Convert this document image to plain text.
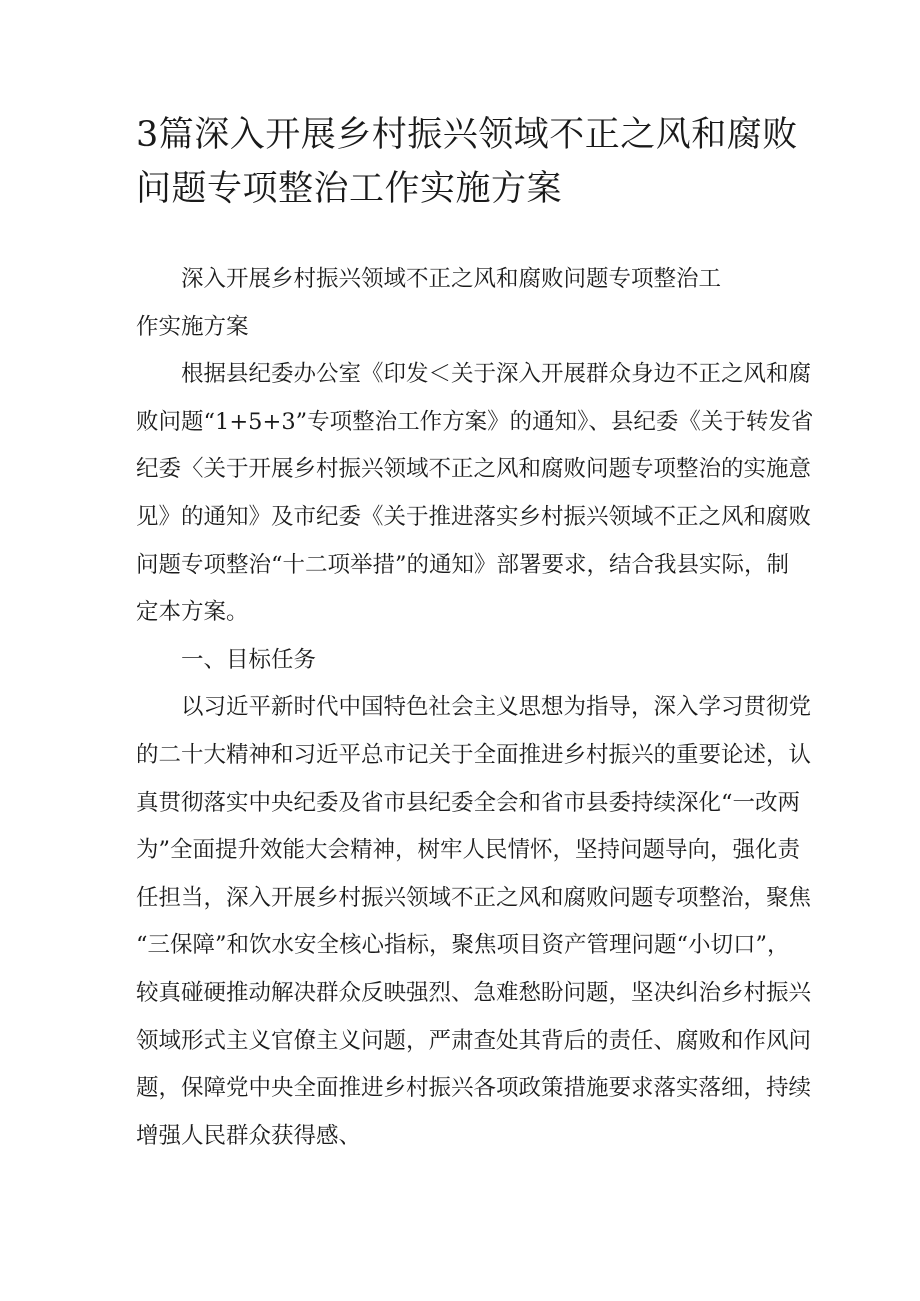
3篇深入开展乡村振兴领域不正之风和腐败
问题专项整治工作实施方案

深入开展乡村振兴领域不正之风和腐败问题专项整治工
作实施方案

根据县纪委办公室《印发＜关于深入开展群众身边不正之风和腐
败问题“1+5+3”专项整治工作方案》的通知》、县纪委《关于转发省
纪委〈关于开展乡村振兴领域不正之风和腐败问题专项整治的实施意
见》的通知》及市纪委《关于推进落实乡村振兴领域不正之风和腐败
问题专项整治“十二项举措”的通知》部署要求，结合我县实际，制
定本方案。

一、目标任务

以习近平新时代中国特色社会主义思想为指导，深入学习贯彻党
的二十大精神和习近平总市记关于全面推进乡村振兴的重要论述，认
真贯彻落实中央纪委及省市县纪委全会和省市县委持续深化“一改两
为”全面提升效能大会精神，树牢人民情怀，坚持问题导向，强化责
任担当，深入开展乡村振兴领域不正之风和腐败问题专项整治，聚焦
“三保障”和饮水安全核心指标，聚焦项目资产管理问题“小切口”，
较真碰硬推动解决群众反映强烈、急难愁盼问题，坚决纠治乡村振兴
领域形式主义官僚主义问题，严肃查处其背后的责任、腐败和作风问
题，保障党中央全面推进乡村振兴各项政策措施要求落实落细，持续
增强人民群众获得感、
